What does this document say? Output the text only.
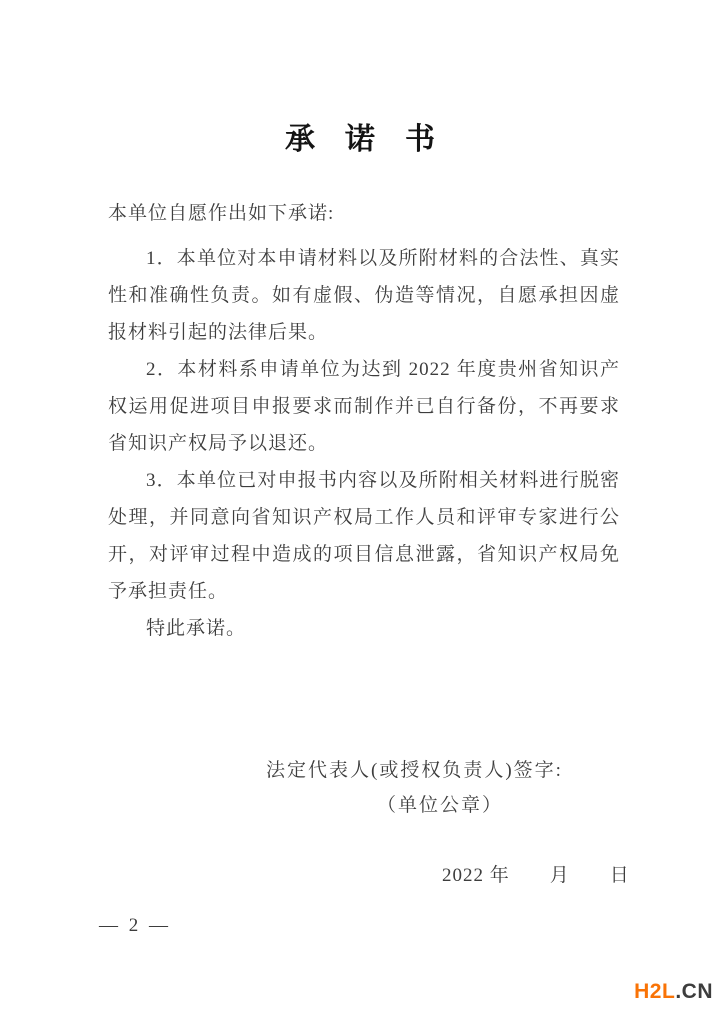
承　诺　书

本单位自愿作出如下承诺:

1．本单位对本申请材料以及所附材料的合法性、真实性和准确性负责。如有虚假、伪造等情况，自愿承担因虚报材料引起的法律后果。

2．本材料系申请单位为达到 2022 年度贵州省知识产权运用促进项目申报要求而制作并已自行备份，不再要求省知识产权局予以退还。

3．本单位已对申报书内容以及所附相关材料进行脱密处理，并同意向省知识产权局工作人员和评审专家进行公开，对评审过程中造成的项目信息泄露，省知识产权局免予承担责任。

特此承诺。

法定代表人(或授权负责人)签字:
（单位公章）
2022 年　　月　　日
— 2 —
H2L.CN
